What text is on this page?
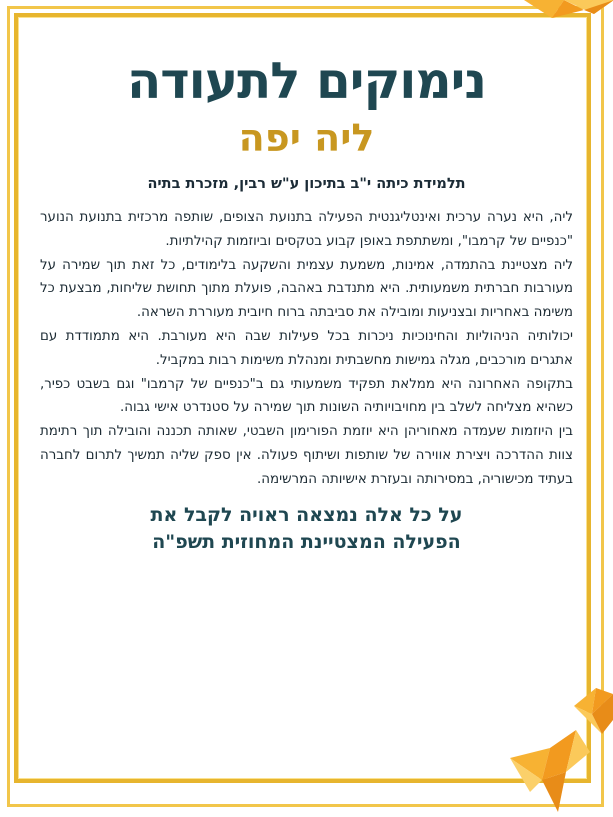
נימוקים לתעודה
ליה יפה
תלמידת כיתה י"ב בתיכון ע"ש רבין, מזכרת בתיה

ליה, היא נערה ערכית ואינטליגנטית הפעילה בתנועת הצופים, שותפה מרכזית בתנועת הנוער "כנפיים של קרמבו", ומשתתפת באופן קבוע בטקסים וביוזמות קהילתיות.

ליה מצטיינת בהתמדה, אמינות, משמעת עצמית והשקעה בלימודים, כל זאת תוך שמירה על מעורבות חברתית משמעותית. היא מתנדבת באהבה, פועלת מתוך תחושת שליחות, מבצעת כל משימה באחריות ובצניעות ומובילה את סביבתה ברוח חיובית מעוררת השראה.

יכולותיה הניהוליות והחינוכיות ניכרות בכל פעילות שבה היא מעורבת. היא מתמודדת עם אתגרים מורכבים, מגלה גמישות מחשבתית ומנהלת משימות רבות במקביל.

בתקופה האחרונה היא ממלאת תפקיד משמעותי גם ב"כנפיים של קרמבו" וגם בשבט כפיר, כשהיא מצליחה לשלב בין מחויבויותיה השונות תוך שמירה על סטנדרט אישי גבוה.

בין היוזמות שעמדה מאחוריהן היא יוזמת הפורימון השבטי, שאותה תכננה והובילה תוך רתימת צוות ההדרכה ויצירת אווירה של שותפות ושיתוף פעולה. אין ספק שליה תמשיך לתרום לחברה בעתיד מכישוריה, במסירותה ובעזרת אישיותה המרשימה.

על כל אלה נמצאה ראויה לקבל את
הפעילה המצטיינת המחוזית תשפ"ה
